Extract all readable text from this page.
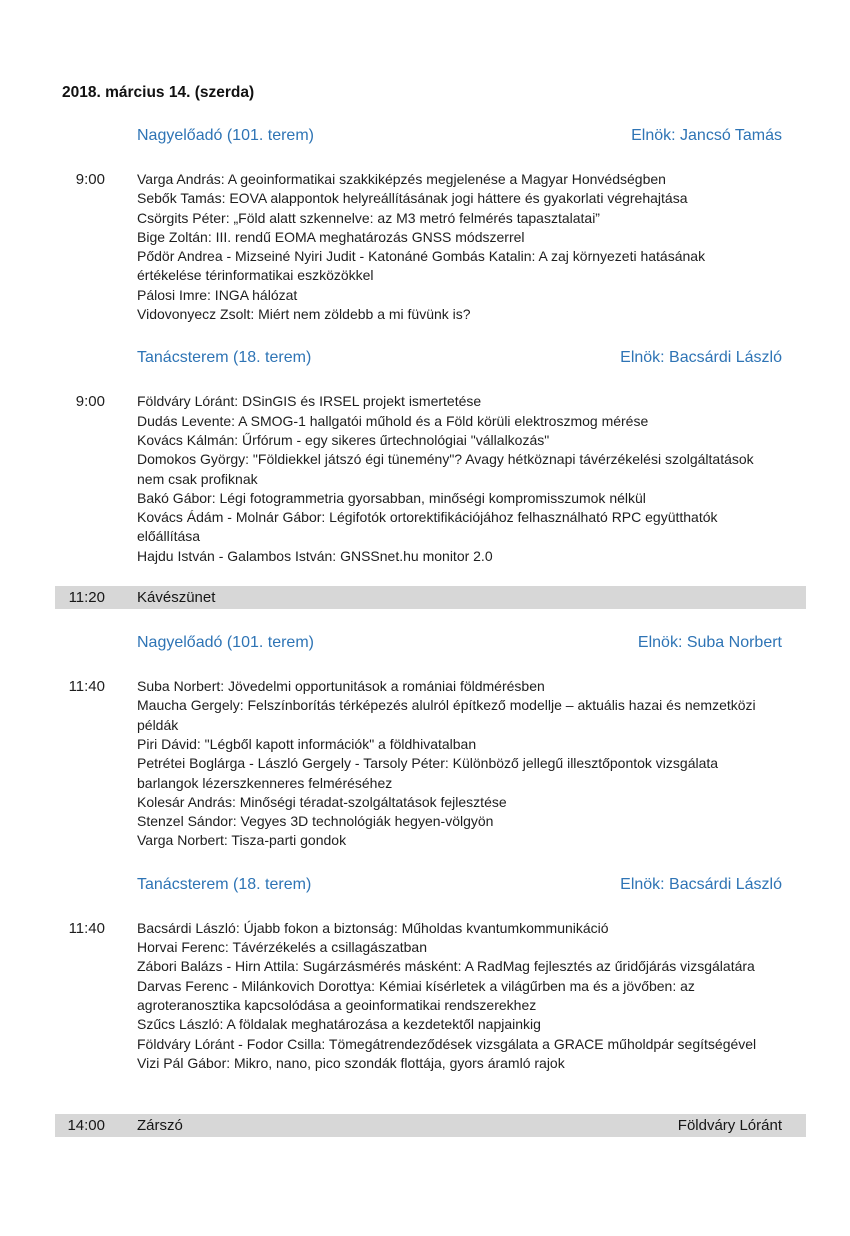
2018. március 14. (szerda)
Nagyelőadó (101. terem)	Elnök: Jancsó Tamás
9:00	Varga András: A geoinformatikai szakkiképzés megjelenése a Magyar Honvédségben
Sebők Tamás: EOVA alappontok helyreállításának jogi háttere és gyakorlati végrehajtása
Csörgits Péter: „Föld alatt szkennelve: az M3 metró felmérés tapasztalatai”
Bige Zoltán: III. rendű EOMA meghatározás GNSS módszerrel
Pődör Andrea - Mizseiné Nyiri Judit - Katonáné Gombás Katalin: A zaj környezeti hatásának értékelése térinformatikai eszközökkel
Pálosi Imre: INGA hálózat
Vidovonyecz Zsolt: Miért nem zöldebb a mi füvünk is?
Tanácsterem (18. terem)	Elnök: Bacsárdi László
9:00	Földváry Lóránt: DSinGIS és IRSEL projekt ismertetése
Dudás Levente: A SMOG-1 hallgatói műhold és a Föld körüli elektroszmog mérése
Kovács Kálmán: Űrfórum - egy sikeres űrtechnológiai "vállalkozás"
Domokos György: "Földiekkel játszó égi tünemény"? Avagy hétköznapi távérzékelési szolgáltatások nem csak profiknak
Bakó Gábor: Légi fotogrammetria gyorsabban, minőségi kompromisszumok nélkül
Kovács Ádám - Molnár Gábor: Légifotók ortorektifikációjához felhasználható RPC együtthatók előállítása
Hajdu István - Galambos István: GNSSnet.hu monitor 2.0
11:20 Kávészünet
Nagyelőadó (101. terem)	Elnök: Suba Norbert
11:40	Suba Norbert: Jövedelmi opportunitások a romániai földmérésben
Maucha Gergely: Felszínborítás térképezés alulról építkező modellje – aktuális hazai és nemzetközi példák
Piri Dávid: "Légből kapott információk" a földhivatalban
Petrétei Boglárga - László Gergely - Tarsoly Péter: Különböző jellegű illesztőpontok vizsgálata barlangok lézerszkenneres felméréséhez
Kolesár András: Minőségi téradat-szolgáltatások fejlesztése
Stenzel Sándor: Vegyes 3D technológiák hegyen-völgyön
Varga Norbert: Tisza-parti gondok
Tanácsterem (18. terem)	Elnök: Bacsárdi László
11:40	Bacsárdi László: Újabb fokon a biztonság: Műholdas kvantumkommunikáció
Horvai Ferenc: Távérzékelés a csillagászatban
Zábori Balázs - Hirn Attila: Sugárzásmérés másként: A RadMag fejlesztés az űridőjárás vizsgálatára
Darvas Ferenc - Milánkovich Dorottya: Kémiai kísérletek a világűrben ma és a jövőben: az agroteranosztika kapcsolódása a geoinformatikai rendszerekhez
Szűcs László: A földalak meghatározása a kezdetektől napjainkig
Földváry Lóránt - Fodor Csilla: Tömegátrendeződések vizsgálata a GRACE műholdpár segítségével
Vizi Pál Gábor: Mikro, nano, pico szondák flottája, gyors áramló rajok
14:00 Zárszó	Földváry Lóránt
